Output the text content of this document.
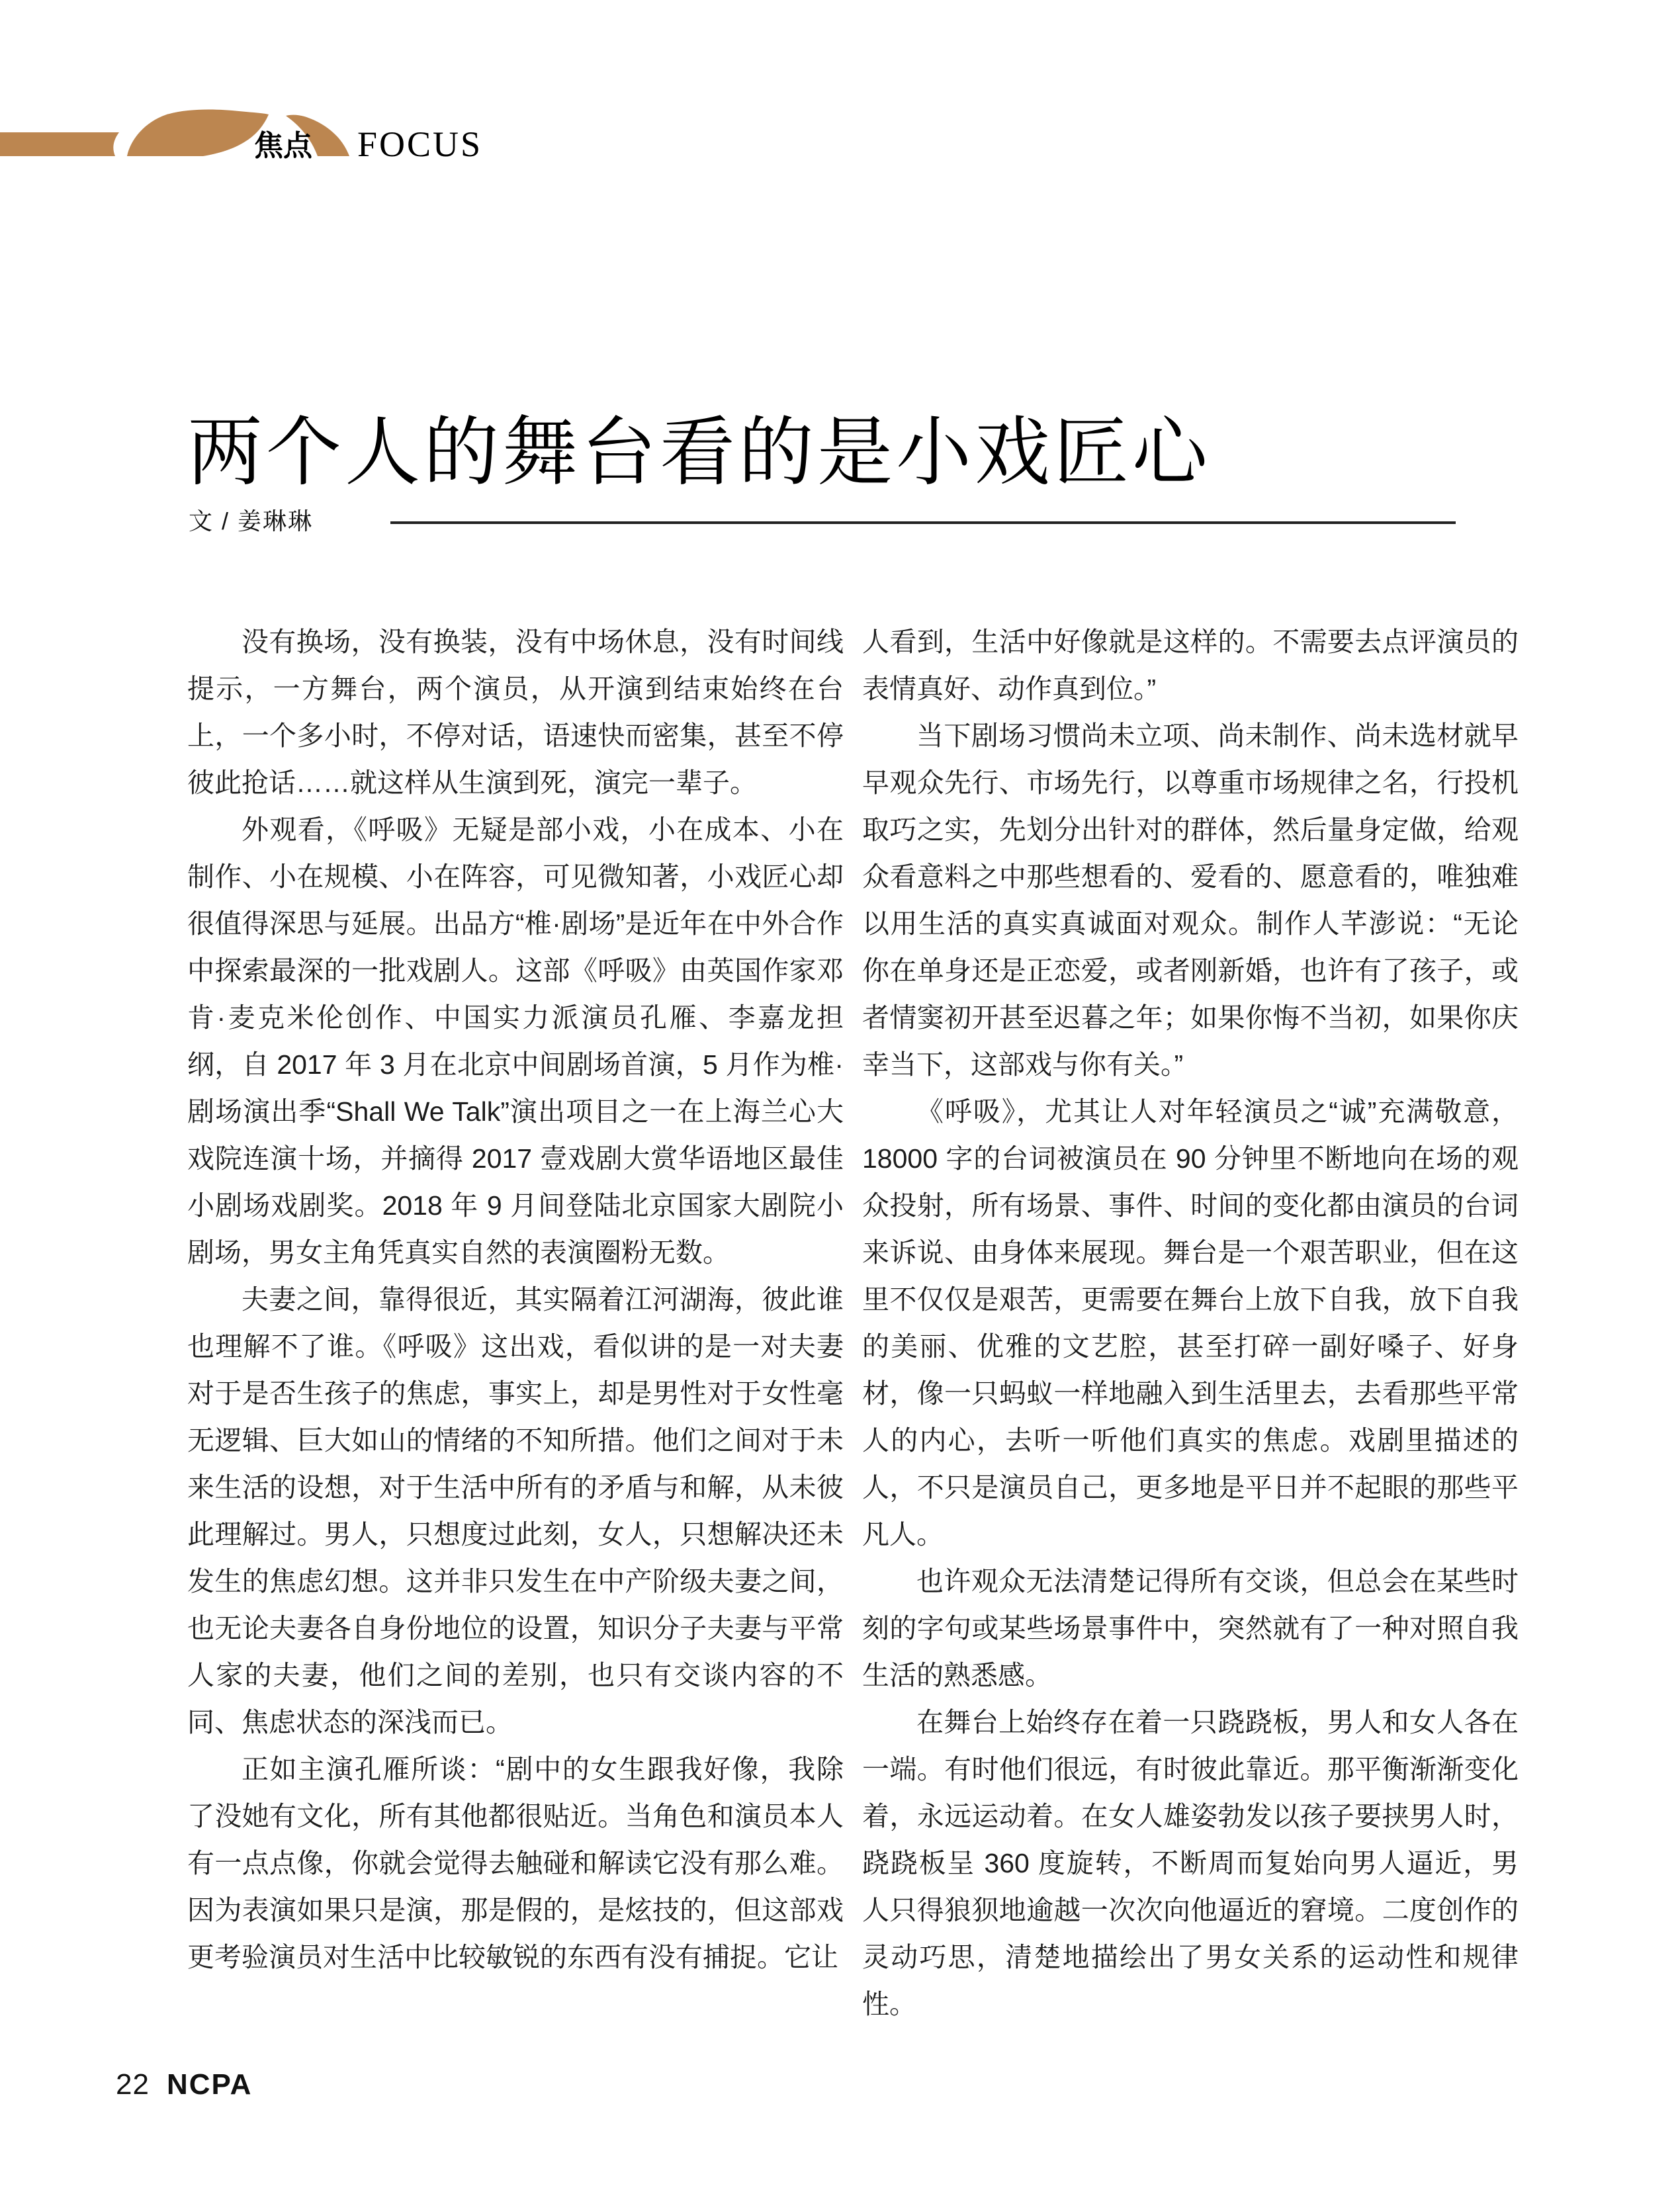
焦点 FOCUS
两个人的舞台看的是小戏匠心
文 / 姜琳琳

没有换场，没有换装，没有中场休息，没有时间线提示，一方舞台，两个演员，从开演到结束始终在台上，一个多小时，不停对话，语速快而密集，甚至不停彼此抢话……就这样从生演到死，演完一辈子。

外观看，《呼吸》无疑是部小戏，小在成本、小在制作、小在规模、小在阵容，可见微知著，小戏匠心却很值得深思与延展。出品方“椎·剧场”是近年在中外合作中探索最深的一批戏剧人。这部《呼吸》由英国作家邓肯·麦克米伦创作、中国实力派演员孔雁、李嘉龙担纲，自 2017 年 3 月在北京中间剧场首演，5 月作为椎·剧场演出季“Shall We Talk”演出项目之一在上海兰心大戏院连演十场，并摘得 2017 壹戏剧大赏华语地区最佳小剧场戏剧奖。2018 年 9 月间登陆北京国家大剧院小剧场，男女主角凭真实自然的表演圈粉无数。

夫妻之间，靠得很近，其实隔着江河湖海，彼此谁也理解不了谁。《呼吸》这出戏，看似讲的是一对夫妻对于是否生孩子的焦虑，事实上，却是男性对于女性毫无逻辑、巨大如山的情绪的不知所措。他们之间对于未来生活的设想，对于生活中所有的矛盾与和解，从未彼此理解过。男人，只想度过此刻，女人，只想解决还未发生的焦虑幻想。这并非只发生在中产阶级夫妻之间，也无论夫妻各自身份地位的设置，知识分子夫妻与平常人家的夫妻，他们之间的差别，也只有交谈内容的不同、焦虑状态的深浅而已。

正如主演孔雁所谈：“剧中的女生跟我好像，我除了没她有文化，所有其他都很贴近。当角色和演员本人有一点点像，你就会觉得去触碰和解读它没有那么难。因为表演如果只是演，那是假的，是炫技的，但这部戏更考验演员对生活中比较敏锐的东西有没有捕捉。它让

人看到，生活中好像就是这样的。不需要去点评演员的表情真好、动作真到位。”

当下剧场习惯尚未立项、尚未制作、尚未选材就早早观众先行、市场先行，以尊重市场规律之名，行投机取巧之实，先划分出针对的群体，然后量身定做，给观众看意料之中那些想看的、爱看的、愿意看的，唯独难以用生活的真实真诚面对观众。制作人芊澎说：“无论你在单身还是正恋爱，或者刚新婚，也许有了孩子，或者情窦初开甚至迟暮之年；如果你悔不当初，如果你庆幸当下，这部戏与你有关。”

《呼吸》，尤其让人对年轻演员之“诚”充满敬意，18000 字的台词被演员在 90 分钟里不断地向在场的观众投射，所有场景、事件、时间的变化都由演员的台词来诉说、由身体来展现。舞台是一个艰苦职业，但在这里不仅仅是艰苦，更需要在舞台上放下自我，放下自我的美丽、优雅的文艺腔，甚至打碎一副好嗓子、好身材，像一只蚂蚁一样地融入到生活里去，去看那些平常人的内心，去听一听他们真实的焦虑。戏剧里描述的人，不只是演员自己，更多地是平日并不起眼的那些平凡人。

也许观众无法清楚记得所有交谈，但总会在某些时刻的字句或某些场景事件中，突然就有了一种对照自我生活的熟悉感。

在舞台上始终存在着一只跷跷板，男人和女人各在一端。有时他们很远，有时彼此靠近。那平衡渐渐变化着，永远运动着。在女人雄姿勃发以孩子要挟男人时，跷跷板呈 360 度旋转，不断周而复始向男人逼近，男人只得狼狈地逾越一次次向他逼近的窘境。二度创作的灵动巧思，清楚地描绘出了男女关系的运动性和规律性。

22 NCPA
